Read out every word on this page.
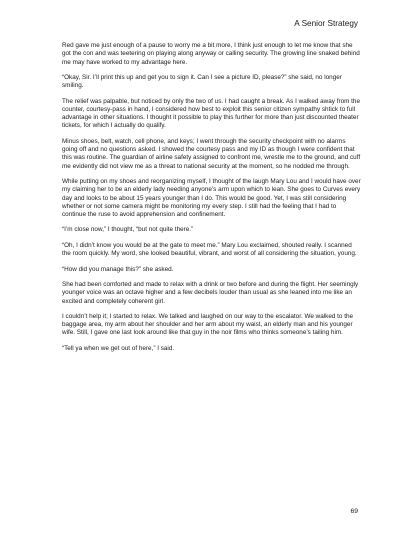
A Senior Strategy

Red gave me just enough of a pause to worry me a bit more, I think just enough to let me know that she got the con and was teetering on playing along anyway or calling security. The growing line snaked behind me may have worked to my advantage here.

“Okay, Sir. I’ll print this up and get you to sign it. Can I see a picture ID, please?” she said, no longer smiling.

The relief was palpable, but noticed by only the two of us. I had caught a break. As I walked away from the counter, courtesy-pass in hand, I considered how best to exploit this senior citizen sympathy shtick to full advantage in other situations. I thought it possible to play this further for more than just discounted theater tickets, for which I actually do qualify.

Minus shoes, belt, watch, cell phone, and keys; I went through the security checkpoint with no alarms going off and no questions asked. I showed the courtesy pass and my ID as though I were confident that this was routine. The guardian of airline safety assigned to confront me, wrestle me to the ground, and cuff me evidently did not view me as a threat to national security at the moment, so he nodded me through.

While putting on my shoes and reorganizing myself, I thought of the laugh Mary Lou and I would have over my claiming her to be an elderly lady needing anyone’s arm upon which to lean. She goes to Curves every day and looks to be about 15 years younger than I do. This would be good. Yet, I was still considering whether or not some camera might be monitoring my every step. I still had the feeling that I had to continue the ruse to avoid apprehension and confinement.

“I’m close now,” I thought, “but not quite there.”

“Oh, I didn’t know you would be at the gate to meet me.” Mary Lou exclaimed, shouted really. I scanned the room quickly. My word, she looked beautiful, vibrant, and worst of all considering the situation, young.

“How did you manage this?” she asked.

She had been comforted and made to relax with a drink or two before and during the flight. Her seemingly younger voice was an octave higher and a few decibels louder than usual as she leaned into me like an excited and completely coherent girl.

I couldn’t help it; I started to relax. We talked and laughed on our way to the escalator. We walked to the baggage area, my arm about her shoulder and her arm about my waist, an elderly man and his younger wife. Still, I gave one last look around like that guy in the noir films who thinks someone’s tailing him.

“Tell ya when we get out of here,” I said.

69
